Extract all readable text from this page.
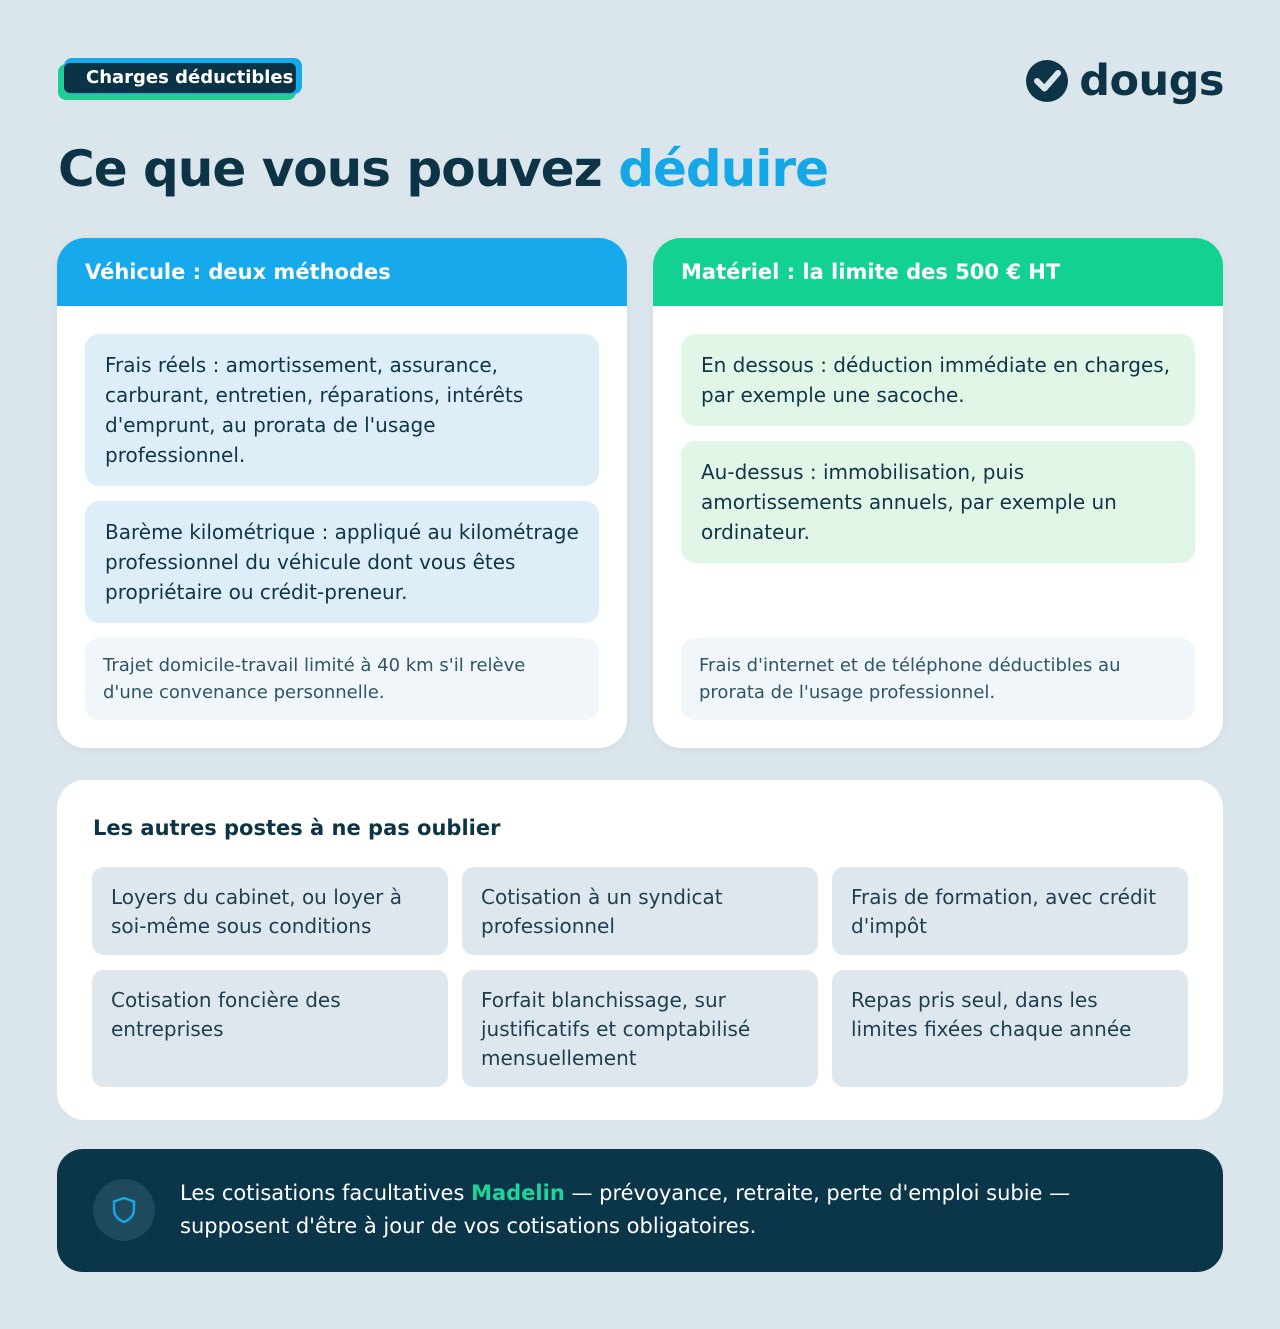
Charges déductibles	dougs
Ce que vous pouvez déduire
Véhicule : deux méthodes
Frais réels : amortissement, assurance, carburant, entretien, réparations, intérêts d'emprunt, au prorata de l'usage professionnel.
Barème kilométrique : appliqué au kilométrage professionnel du véhicule dont vous êtes propriétaire ou crédit-preneur.
Trajet domicile-travail limité à 40 km s'il relève d'une convenance personnelle.
Matériel : la limite des 500 € HT
En dessous : déduction immédiate en charges, par exemple une sacoche.
Au-dessus : immobilisation, puis amortissements annuels, par exemple un ordinateur.
Frais d'internet et de téléphone déductibles au prorata de l'usage professionnel.
Les autres postes à ne pas oublier
Loyers du cabinet, ou loyer à soi-même sous conditions
Cotisation à un syndicat professionnel
Frais de formation, avec crédit d'impôt
Cotisation foncière des entreprises
Forfait blanchissage, sur justificatifs et comptabilisé mensuellement
Repas pris seul, dans les limites fixées chaque année
Les cotisations facultatives Madelin — prévoyance, retraite, perte d'emploi subie — supposent d'être à jour de vos cotisations obligatoires.
